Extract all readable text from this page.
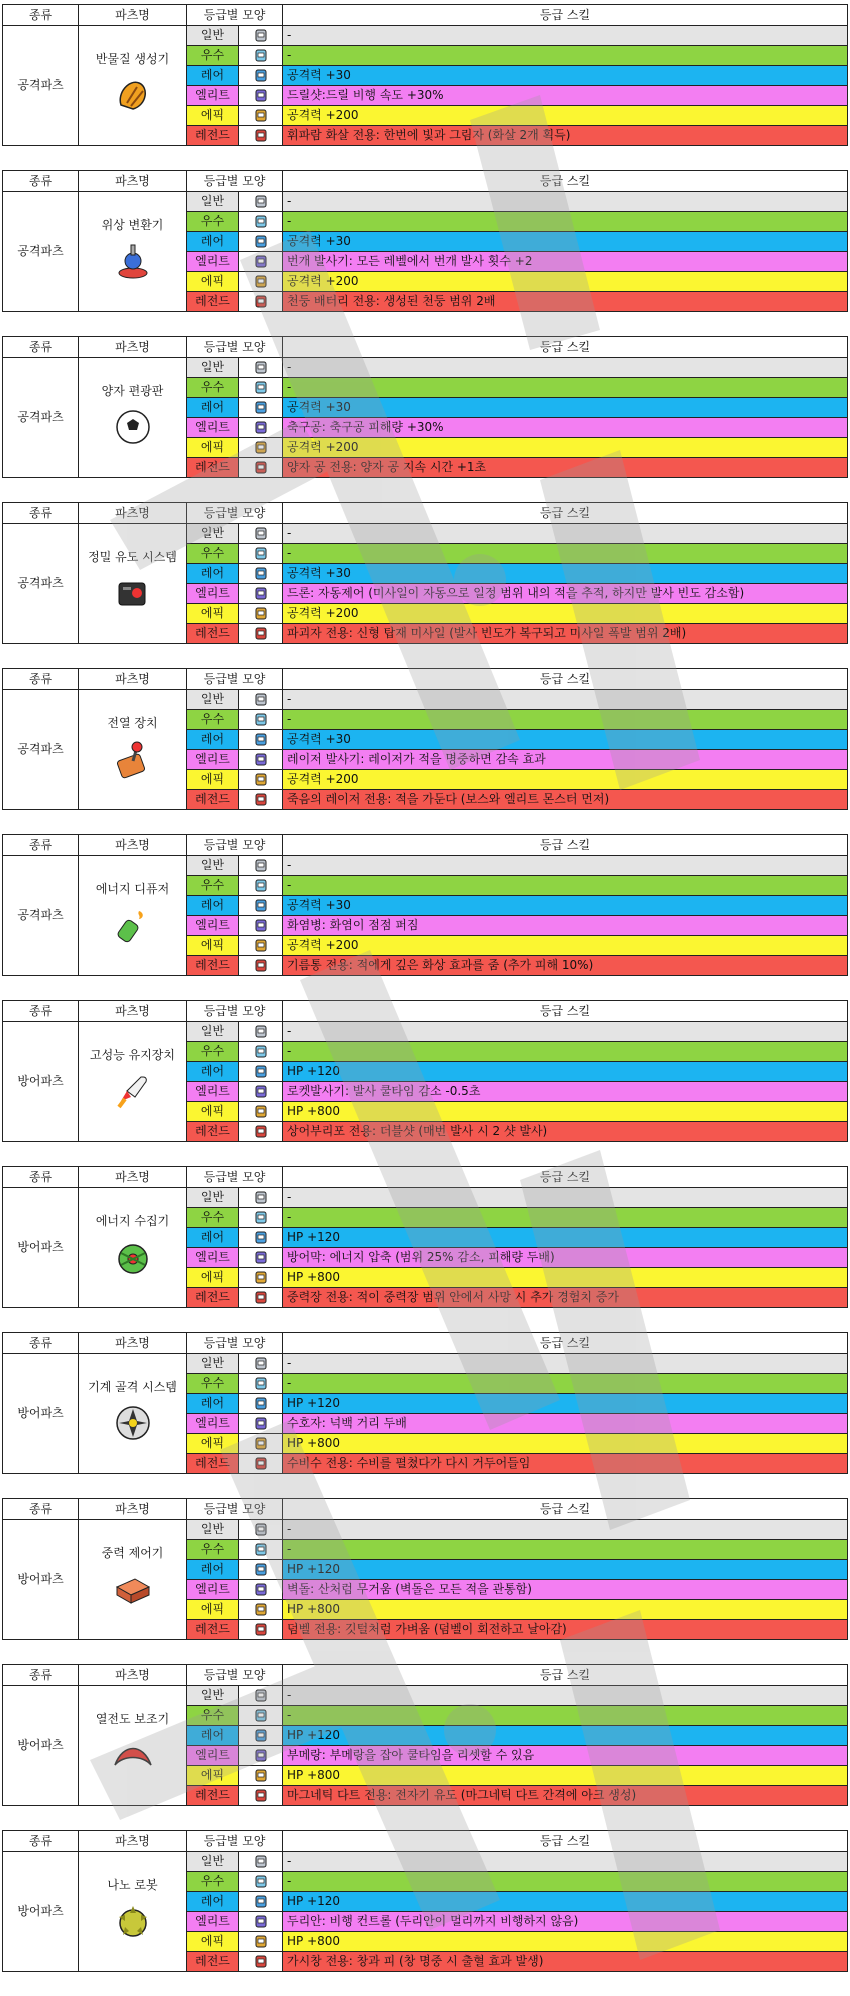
종류	파츠명	등급별 모양		등급 스킬
공격파츠	반물질 생성기	일반		-
		우수		-
		레어		공격력 +30
		엘리트		드릴샷:드릴 비행 속도 +30%
		에픽		공격력 +200
		레전드		휘파람 화살 전용: 한번에 빛과 그림자 (화살 2개 획득)
종류	파츠명	등급별 모양		등급 스킬
공격파츠	위상 변환기	일반		-
		우수		-
		레어		공격력 +30
		엘리트		번개 발사기: 모든 레벨에서 번개 발사 횟수 +2
		에픽		공격력 +200
		레전드		천둥 배터리 전용: 생성된 천둥 범위 2배
종류	파츠명	등급별 모양		등급 스킬
공격파츠	양자 편광판	일반		-
		우수		-
		레어		공격력 +30
		엘리트		축구공: 축구공 피해량 +30%
		에픽		공격력 +200
		레전드		양자 공 전용: 양자 공 지속 시간 +1초
종류	파츠명	등급별 모양		등급 스킬
공격파츠	정밀 유도 시스템	일반		-
		우수		-
		레어		공격력 +30
		엘리트		드론: 자동제어 (미사일이 자동으로 일정 범위 내의 적을 추적, 하지만 발사 빈도 감소함)
		에픽		공격력 +200
		레전드		파괴자 전용: 신형 탑재 미사일 (발사 빈도가 복구되고 미사일 폭발 범위 2배)
종류	파츠명	등급별 모양		등급 스킬
공격파츠	전열 장치	일반		-
		우수		-
		레어		공격력 +30
		엘리트		레이저 발사기: 레이저가 적을 명중하면 감속 효과
		에픽		공격력 +200
		레전드		죽음의 레이저 전용: 적을 가둔다 (보스와 엘리트 몬스터 먼저)
종류	파츠명	등급별 모양		등급 스킬
공격파츠	에너지 디퓨저	일반		-
		우수		-
		레어		공격력 +30
		엘리트		화염병: 화염이 점점 퍼짐
		에픽		공격력 +200
		레전드		기름통 전용: 적에게 깊은 화상 효과를 줌 (추가 피해 10%)
종류	파츠명	등급별 모양		등급 스킬
방어파츠	고성능 유지장치	일반		-
		우수		-
		레어		HP +120
		엘리트		로켓발사기: 발사 쿨타임 감소 -0.5초
		에픽		HP +800
		레전드		상어부리포 전용: 더블샷 (매번 발사 시 2 샷 발사)
종류	파츠명	등급별 모양		등급 스킬
방어파츠	에너지 수집기	일반		-
		우수		-
		레어		HP +120
		엘리트		방어막: 에너지 압축 (범위 25% 감소, 피해량 두배)
		에픽		HP +800
		레전드		중력장 전용: 적이 중력장 범위 안에서 사망 시 추가 경험치 증가
종류	파츠명	등급별 모양		등급 스킬
방어파츠	기계 골격 시스템	일반		-
		우수		-
		레어		HP +120
		엘리트		수호자: 넉백 거리 두배
		에픽		HP +800
		레전드		수비수 전용: 수비를 펼쳤다가 다시 거두어들임
종류	파츠명	등급별 모양		등급 스킬
방어파츠	중력 제어기	일반		-
		우수		-
		레어		HP +120
		엘리트		벽돌: 산처럼 무거움 (벽돌은 모든 적을 관통함)
		에픽		HP +800
		레전드		덤벨 전용: 깃털처럼 가벼움 (덤벨이 회전하고 날아감)
종류	파츠명	등급별 모양		등급 스킬
방어파츠	열전도 보조기	일반		-
		우수		-
		레어		HP +120
		엘리트		부메랑: 부메랑을 잡아 쿨타임을 리셋할 수 있음
		에픽		HP +800
		레전드		마그네틱 다트 전용: 전자기 유도 (마그네틱 다트 간격에 아크 생성)
종류	파츠명	등급별 모양		등급 스킬
방어파츠	나노 로봇	일반		-
		우수		-
		레어		HP +120
		엘리트		두리안: 비행 컨트롤 (두리안이 멀리까지 비행하지 않음)
		에픽		HP +800
		레전드		가시창 전용: 창과 피 (창 명중 시 출혈 효과 발생)
